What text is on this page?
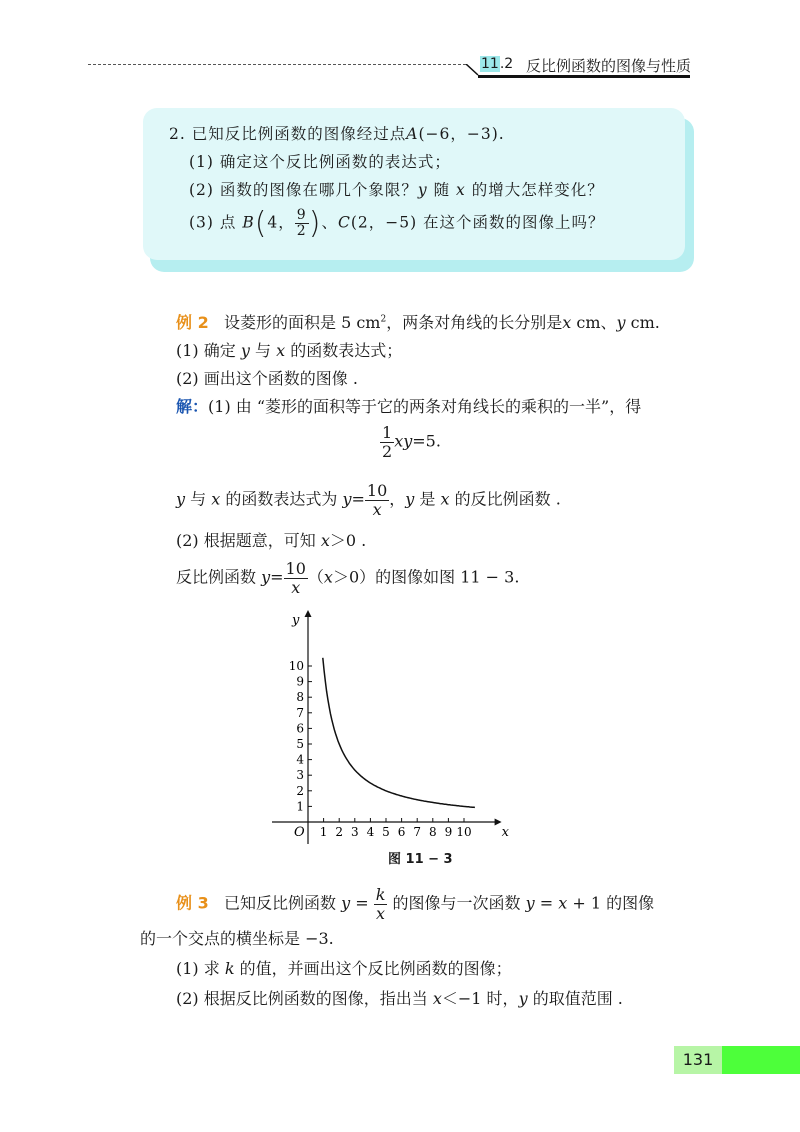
11.2 反比例函数的图像与性质
2. 已知反比例函数的图像经过点A(−6，−3).
(1) 确定这个反比例函数的表达式；
(2) 函数的图像在哪几个象限？y 随 x 的增大怎样变化？
(3) 点 B(4， $\frac{9}{2}$ )、C(2，−5) 在这个函数的图像上吗？
例 2 设菱形的面积是 5 $cm^2$，两条对角线的长分别是x cm、y cm.
(1) 确定 y 与 x 的函数表达式；
(2) 画出这个函数的图像 .
解：(1) 由 “菱形的面积等于它的两条对角线长的乘积的一半”，得
$\frac{1}{2} xy=5$.
y 与 x 的函数表达式为 $y= \frac{10}{x}$ ，y 是 x 的反比例函数 .
(2) 根据题意，可知 x＞0 .
反比例函数 $y= \frac{10}{x} (x>0)$的图像如图 11 − 3.
1 2 3 4 5 6 7 8 9 10
1
2
3
4
5
6
7
8
9
10
x
y
O
图 11 − 3
例 3 已知反比例函数 $y = \frac{k}{x}$ 的图像与一次函数 y = x + 1 的图像
的一个交点的横坐标是 −3.
(1) 求 k 的值，并画出这个反比例函数的图像；
(2) 根据反比例函数的图像，指出当 x＜−1 时，y 的取值范围 .
131
